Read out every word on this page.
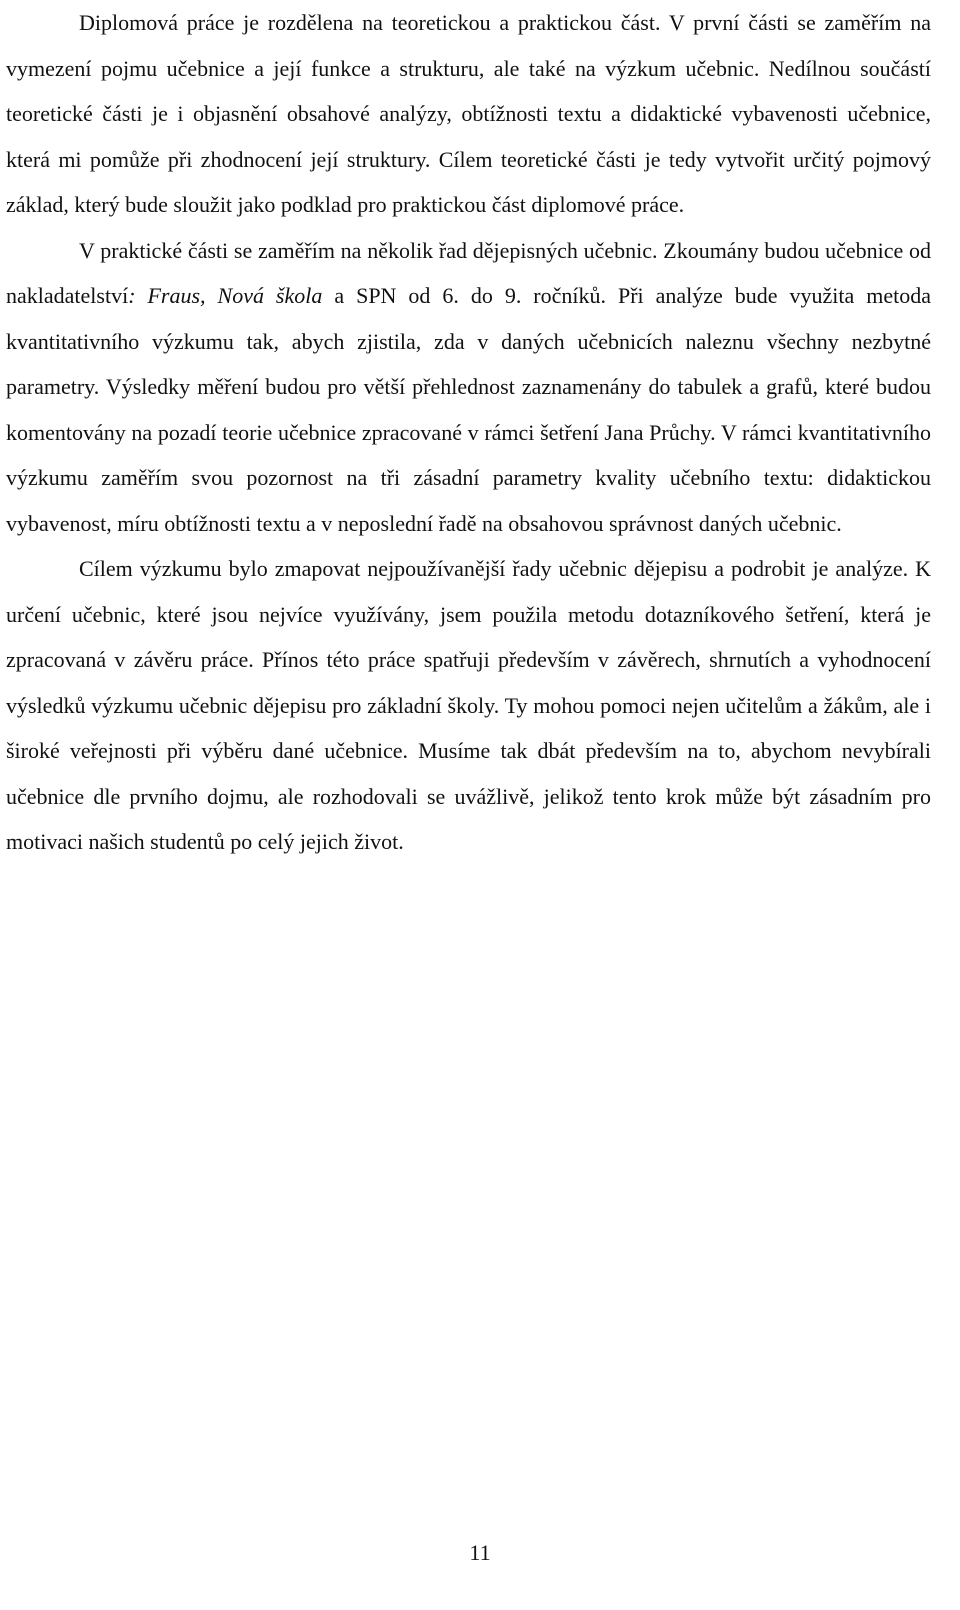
Diplomová práce je rozdělena na teoretickou a praktickou část. V první části se zaměřím na vymezení pojmu učebnice a její funkce a strukturu, ale také na výzkum učebnic. Nedílnou součástí teoretické části je i objasnění obsahové analýzy, obtížnosti textu a didaktické vybavenosti učebnice, která mi pomůže při zhodnocení její struktury. Cílem teoretické části je tedy vytvořit určitý pojmový základ, který bude sloužit jako podklad pro praktickou část diplomové práce.

V praktické části se zaměřím na několik řad dějepisných učebnic. Zkoumány budou učebnice od nakladatelství: Fraus, Nová škola a SPN od 6. do 9. ročníků. Při analýze bude využita metoda kvantitativního výzkumu tak, abych zjistila, zda v daných učebnicích naleznu všechny nezbytné parametry. Výsledky měření budou pro větší přehlednost zaznamenány do tabulek a grafů, které budou komentovány na pozadí teorie učebnice zpracované v rámci šetření Jana Průchy. V rámci kvantitativního výzkumu zaměřím svou pozornost na tři zásadní parametry kvality učebního textu: didaktickou vybavenost, míru obtížnosti textu a v neposlední řadě na obsahovou správnost daných učebnic.

Cílem výzkumu bylo zmapovat nejpoužívanější řady učebnic dějepisu a podrobit je analýze. K určení učebnic, které jsou nejvíce využívány, jsem použila metodu dotazníkového šetření, která je zpracovaná v závěru práce. Přínos této práce spatřuji především v závěrech, shrnutích a vyhodnocení výsledků výzkumu učebnic dějepisu pro základní školy. Ty mohou pomoci nejen učitelům a žákům, ale i široké veřejnosti při výběru dané učebnice. Musíme tak dbát především na to, abychom nevybírali učebnice dle prvního dojmu, ale rozhodovali se uvážlivě, jelikož tento krok může být zásadním pro motivaci našich studentů po celý jejich život.

11
